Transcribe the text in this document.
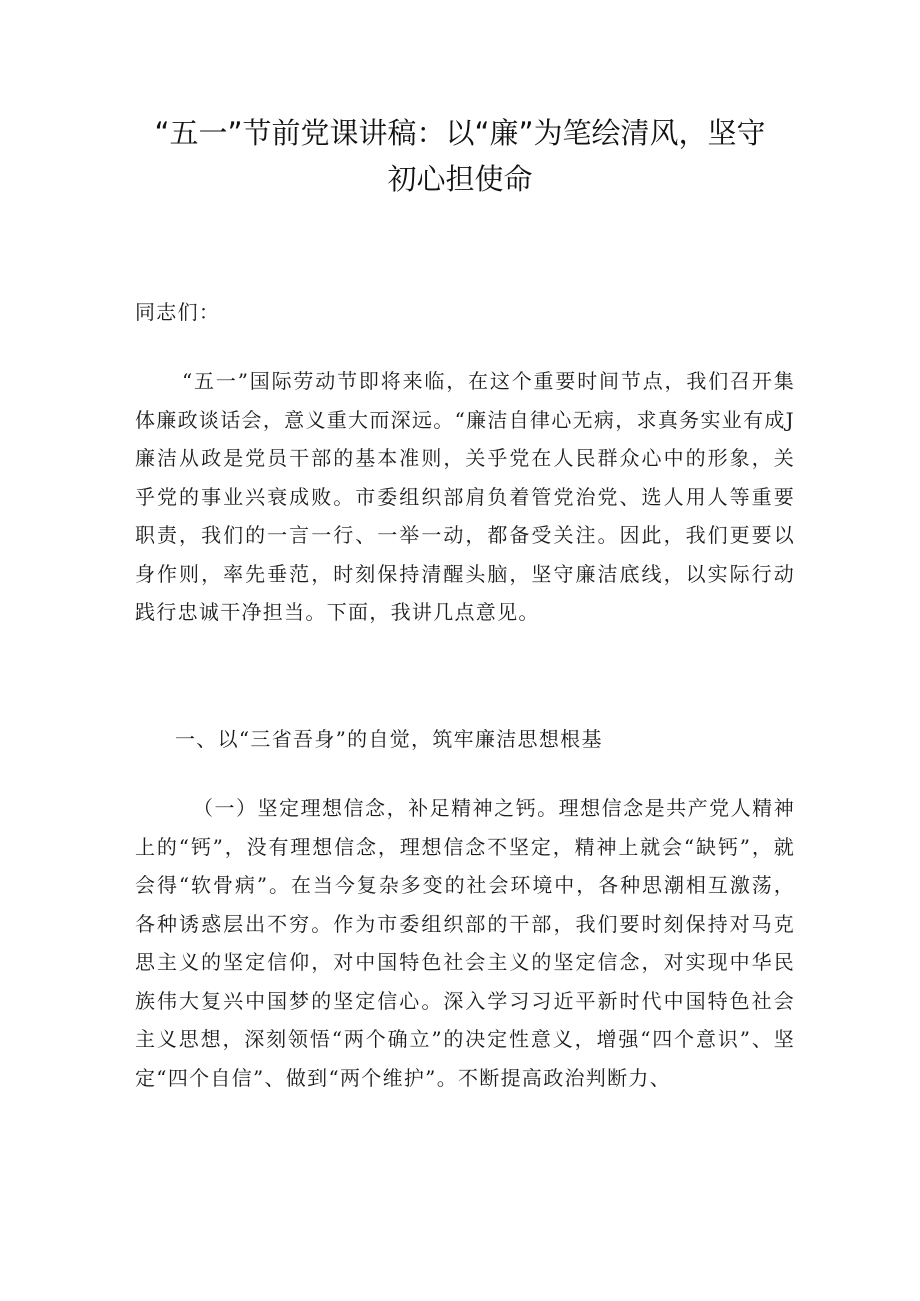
“五一”节前党课讲稿：以“廉”为笔绘清风，坚守
初心担使命

同志们：

“五一”国际劳动节即将来临，在这个重要时间节点，我们召开集体廉政谈话会，意义重大而深远。“廉洁自律心无病，求真务实业有成J廉洁从政是党员干部的基本准则，关乎党在人民群众心中的形象，关乎党的事业兴衰成败。市委组织部肩负着管党治党、选人用人等重要职责，我们的一言一行、一举一动，都备受关注。因此，我们更要以身作则，率先垂范，时刻保持清醒头脑，坚守廉洁底线，以实际行动践行忠诚干净担当。下面，我讲几点意见。

一、以“三省吾身”的自觉，筑牢廉洁思想根基

（一）坚定理想信念，补足精神之钙。理想信念是共产党人精神上的“钙”，没有理想信念，理想信念不坚定，精神上就会“缺钙”，就会得“软骨病”。在当今复杂多变的社会环境中，各种思潮相互激荡，各种诱惑层出不穷。作为市委组织部的干部，我们要时刻保持对马克思主义的坚定信仰，对中国特色社会主义的坚定信念，对实现中华民族伟大复兴中国梦的坚定信心。深入学习习近平新时代中国特色社会主义思想，深刻领悟“两个确立”的决定性意义，增强“四个意识”、坚定“四个自信”、做到“两个维护”。不断提高政治判断力、
